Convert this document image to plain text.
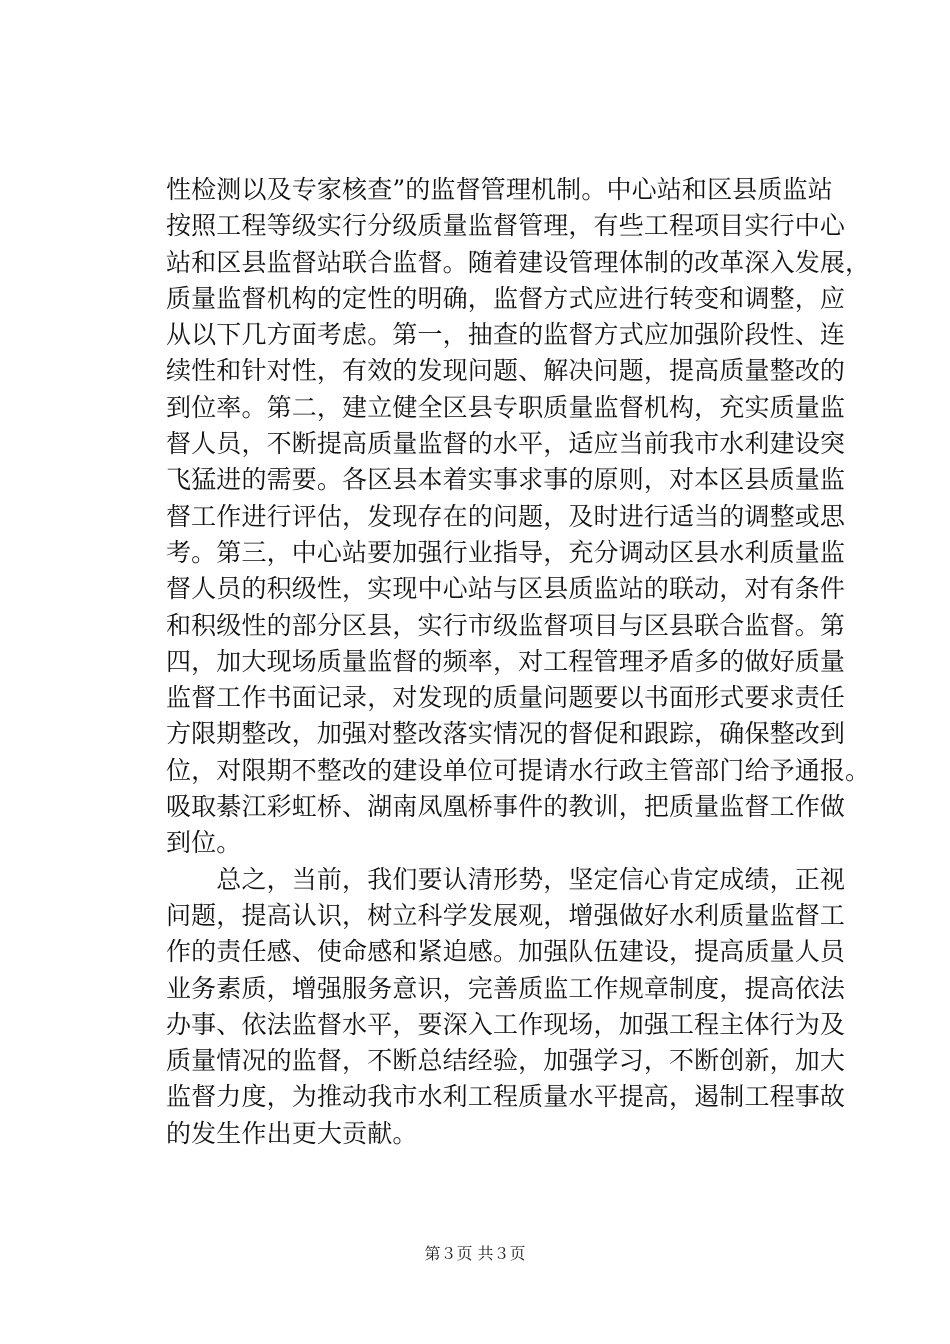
性检测以及专家核查”的监督管理机制。中心站和区县质监站
按照工程等级实行分级质量监督管理，有些工程项目实行中心
站和区县监督站联合监督。随着建设管理体制的改革深入发展，
质量监督机构的定性的明确，监督方式应进行转变和调整，应
从以下几方面考虑。第一，抽查的监督方式应加强阶段性、连
续性和针对性，有效的发现问题、解决问题，提高质量整改的
到位率。第二，建立健全区县专职质量监督机构，充实质量监
督人员，不断提高质量监督的水平，适应当前我市水利建设突
飞猛进的需要。各区县本着实事求事的原则，对本区县质量监
督工作进行评估，发现存在的问题，及时进行适当的调整或思
考。第三，中心站要加强行业指导，充分调动区县水利质量监
督人员的积级性，实现中心站与区县质监站的联动，对有条件
和积级性的部分区县，实行市级监督项目与区县联合监督。第
四，加大现场质量监督的频率，对工程管理矛盾多的做好质量
监督工作书面记录，对发现的质量问题要以书面形式要求责任
方限期整改，加强对整改落实情况的督促和跟踪，确保整改到
位，对限期不整改的建设单位可提请水行政主管部门给予通报。
吸取綦江彩虹桥、湖南凤凰桥事件的教训，把质量监督工作做
到位。
　　总之，当前，我们要认清形势，坚定信心肯定成绩，正视
问题，提高认识，树立科学发展观，增强做好水利质量监督工
作的责任感、使命感和紧迫感。加强队伍建设，提高质量人员
业务素质，增强服务意识，完善质监工作规章制度，提高依法
办事、依法监督水平，要深入工作现场，加强工程主体行为及
质量情况的监督，不断总结经验，加强学习，不断创新，加大
监督力度，为推动我市水利工程质量水平提高，遏制工程事故
的发生作出更大贡献。
第３页 共３页
